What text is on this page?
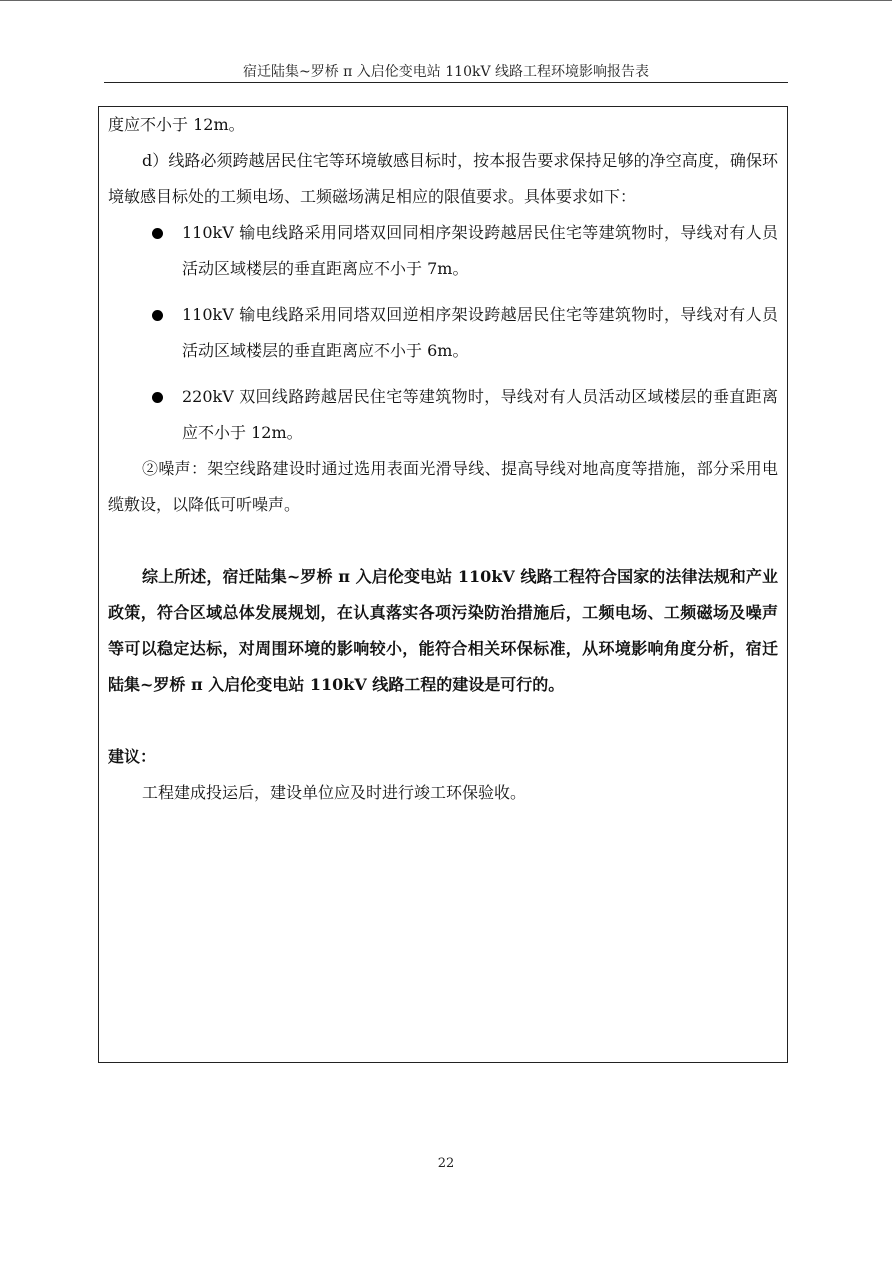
宿迁陆集~罗桥 π 入启伦变电站 110kV 线路工程环境影响报告表

度应不小于 12m。

d）线路必须跨越居民住宅等环境敏感目标时，按本报告要求保持足够的净空高度，确保环境敏感目标处的工频电场、工频磁场满足相应的限值要求。具体要求如下：

110kV 输电线路采用同塔双回同相序架设跨越居民住宅等建筑物时，导线对有人员活动区域楼层的垂直距离应不小于 7m。
110kV 输电线路采用同塔双回逆相序架设跨越居民住宅等建筑物时，导线对有人员活动区域楼层的垂直距离应不小于 6m。
220kV 双回线路跨越居民住宅等建筑物时，导线对有人员活动区域楼层的垂直距离应不小于 12m。

②噪声：架空线路建设时通过选用表面光滑导线、提高导线对地高度等措施，部分采用电缆敷设，以降低可听噪声。

综上所述，宿迁陆集~罗桥 π 入启伦变电站 110kV 线路工程符合国家的法律法规和产业政策，符合区域总体发展规划，在认真落实各项污染防治措施后，工频电场、工频磁场及噪声等可以稳定达标，对周围环境的影响较小，能符合相关环保标准，从环境影响角度分析，宿迁陆集~罗桥 π 入启伦变电站 110kV 线路工程的建设是可行的。

建议：

工程建成投运后，建设单位应及时进行竣工环保验收。

22
